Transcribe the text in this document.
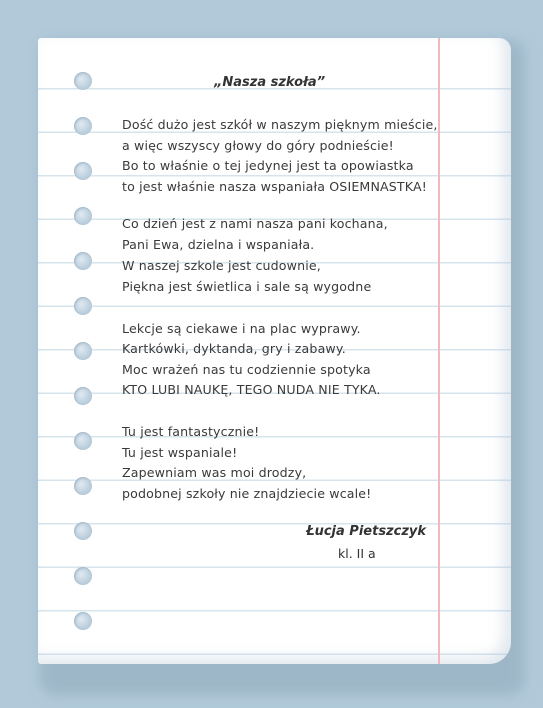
„Nasza szkoła”
Dość dużo jest szkół w naszym pięknym mieście,
a więc wszyscy głowy do góry podnieście!
Bo to właśnie o tej jedynej jest ta opowiastka
to jest właśnie nasza wspaniała OSIEMNASTKA!
Co dzień jest z nami nasza pani kochana,
Pani Ewa, dzielna i wspaniała.
W naszej szkole jest cudownie,
Piękna jest świetlica i sale są wygodne
Lekcje są ciekawe i na plac wyprawy.
Kartkówki, dyktanda, gry i zabawy.
Moc wrażeń nas tu codziennie spotyka
KTO LUBI NAUKĘ, TEGO NUDA NIE TYKA.
Tu jest fantastycznie!
Tu jest wspaniale!
Zapewniam was moi drodzy,
podobnej szkoły nie znajdziecie wcale!
Łucja Pietszczyk
kl. II a
